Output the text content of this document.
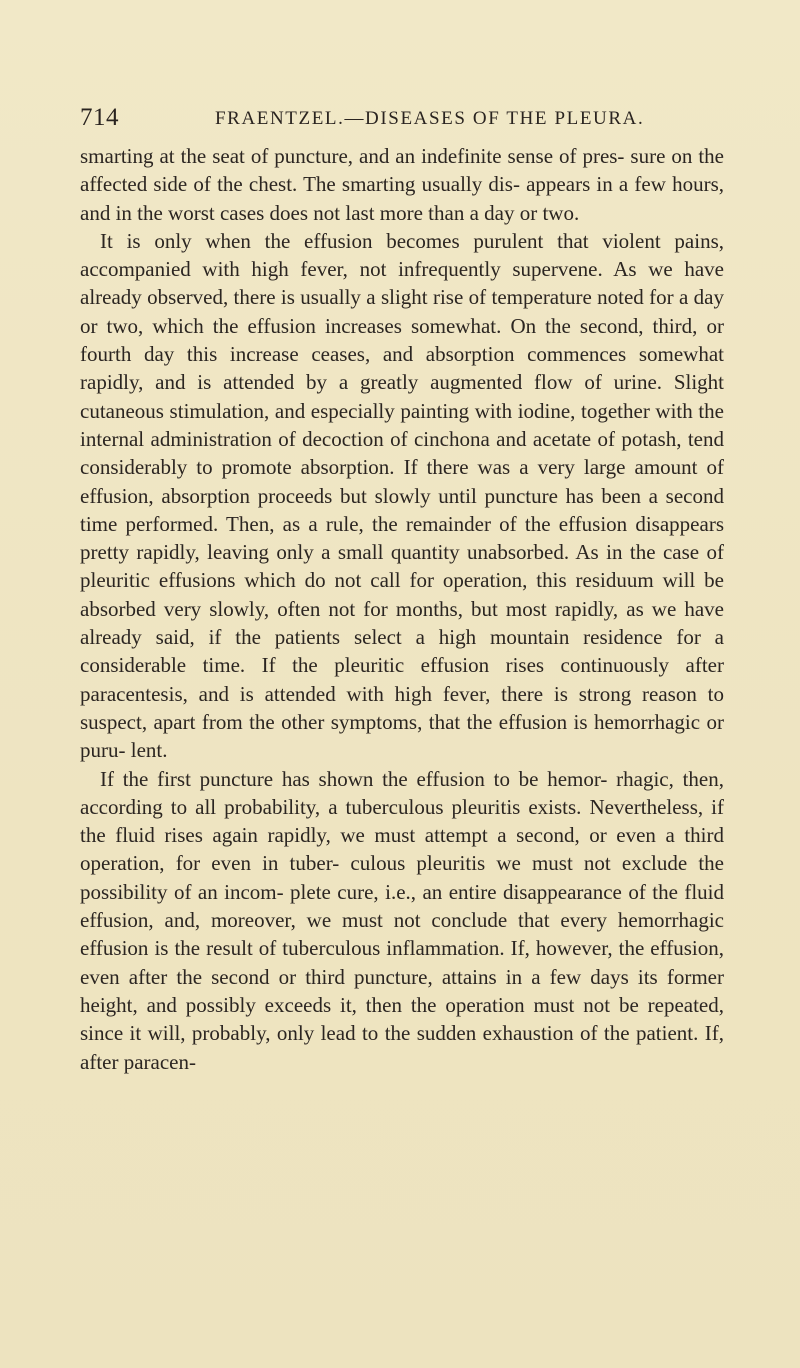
714	FRAENTZEL.—DISEASES OF THE PLEURA.

smarting at the seat of puncture, and an indefinite sense of pres- sure on the affected side of the chest. The smarting usually dis- appears in a few hours, and in the worst cases does not last more than a day or two.

It is only when the effusion becomes purulent that violent pains, accompanied with high fever, not infrequently supervene. As we have already observed, there is usually a slight rise of temperature noted for a day or two, which the effusion increases somewhat. On the second, third, or fourth day this increase ceases, and absorption commences somewhat rapidly, and is attended by a greatly augmented flow of urine. Slight cutaneous stimulation, and especially painting with iodine, together with the internal administration of decoction of cinchona and acetate of potash, tend considerably to promote absorption. If there was a very large amount of effusion, absorption proceeds but slowly until puncture has been a second time performed. Then, as a rule, the remainder of the effusion disappears pretty rapidly, leaving only a small quantity unabsorbed. As in the case of pleuritic effusions which do not call for operation, this residuum will be absorbed very slowly, often not for months, but most rapidly, as we have already said, if the patients select a high mountain residence for a considerable time. If the pleuritic effusion rises continuously after paracentesis, and is attended with high fever, there is strong reason to suspect, apart from the other symptoms, that the effusion is hemorrhagic or puru- lent.

If the first puncture has shown the effusion to be hemor- rhagic, then, according to all probability, a tuberculous pleuritis exists. Nevertheless, if the fluid rises again rapidly, we must attempt a second, or even a third operation, for even in tuber- culous pleuritis we must not exclude the possibility of an incom- plete cure, i.e., an entire disappearance of the fluid effusion, and, moreover, we must not conclude that every hemorrhagic effusion is the result of tuberculous inflammation. If, however, the effusion, even after the second or third puncture, attains in a few days its former height, and possibly exceeds it, then the operation must not be repeated, since it will, probably, only lead to the sudden exhaustion of the patient. If, after paracen-
